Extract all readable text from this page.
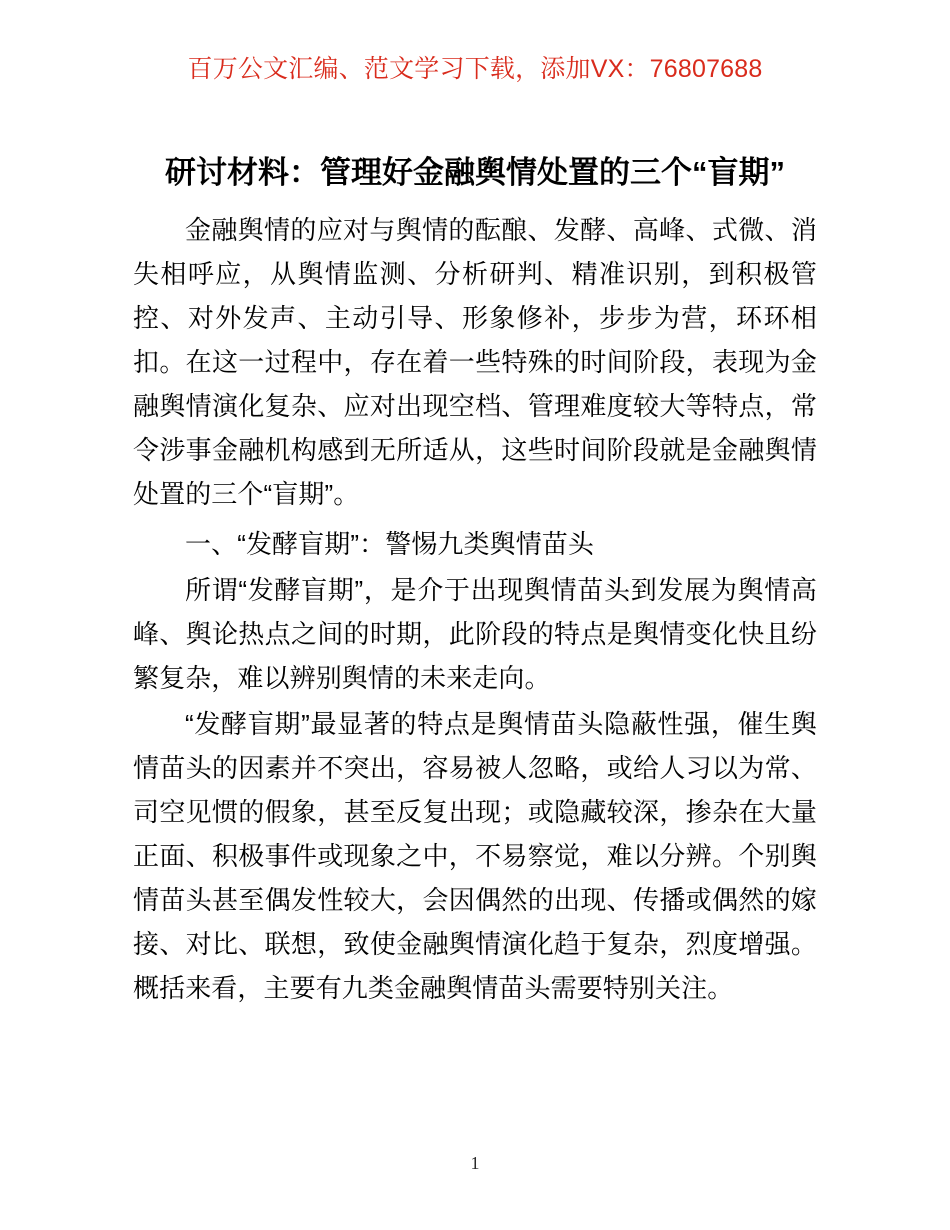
百万公文汇编、范文学习下载，添加VX：76807688
研讨材料：管理好金融舆情处置的三个“盲期”

金融舆情的应对与舆情的酝酿、发酵、高峰、式微、消失相呼应，从舆情监测、分析研判、精准识别，到积极管控、对外发声、主动引导、形象修补，步步为营，环环相扣。在这一过程中，存在着一些特殊的时间阶段，表现为金融舆情演化复杂、应对出现空档、管理难度较大等特点，常令涉事金融机构感到无所适从，这些时间阶段就是金融舆情处置的三个“盲期”。

一、“发酵盲期”：警惕九类舆情苗头

所谓“发酵盲期”，是介于出现舆情苗头到发展为舆情高峰、舆论热点之间的时期，此阶段的特点是舆情变化快且纷繁复杂，难以辨别舆情的未来走向。

“发酵盲期”最显著的特点是舆情苗头隐蔽性强，催生舆情苗头的因素并不突出，容易被人忽略，或给人习以为常、司空见惯的假象，甚至反复出现；或隐藏较深，掺杂在大量正面、积极事件或现象之中，不易察觉，难以分辨。个别舆情苗头甚至偶发性较大，会因偶然的出现、传播或偶然的嫁接、对比、联想，致使金融舆情演化趋于复杂，烈度增强。概括来看，主要有九类金融舆情苗头需要特别关注。

1
